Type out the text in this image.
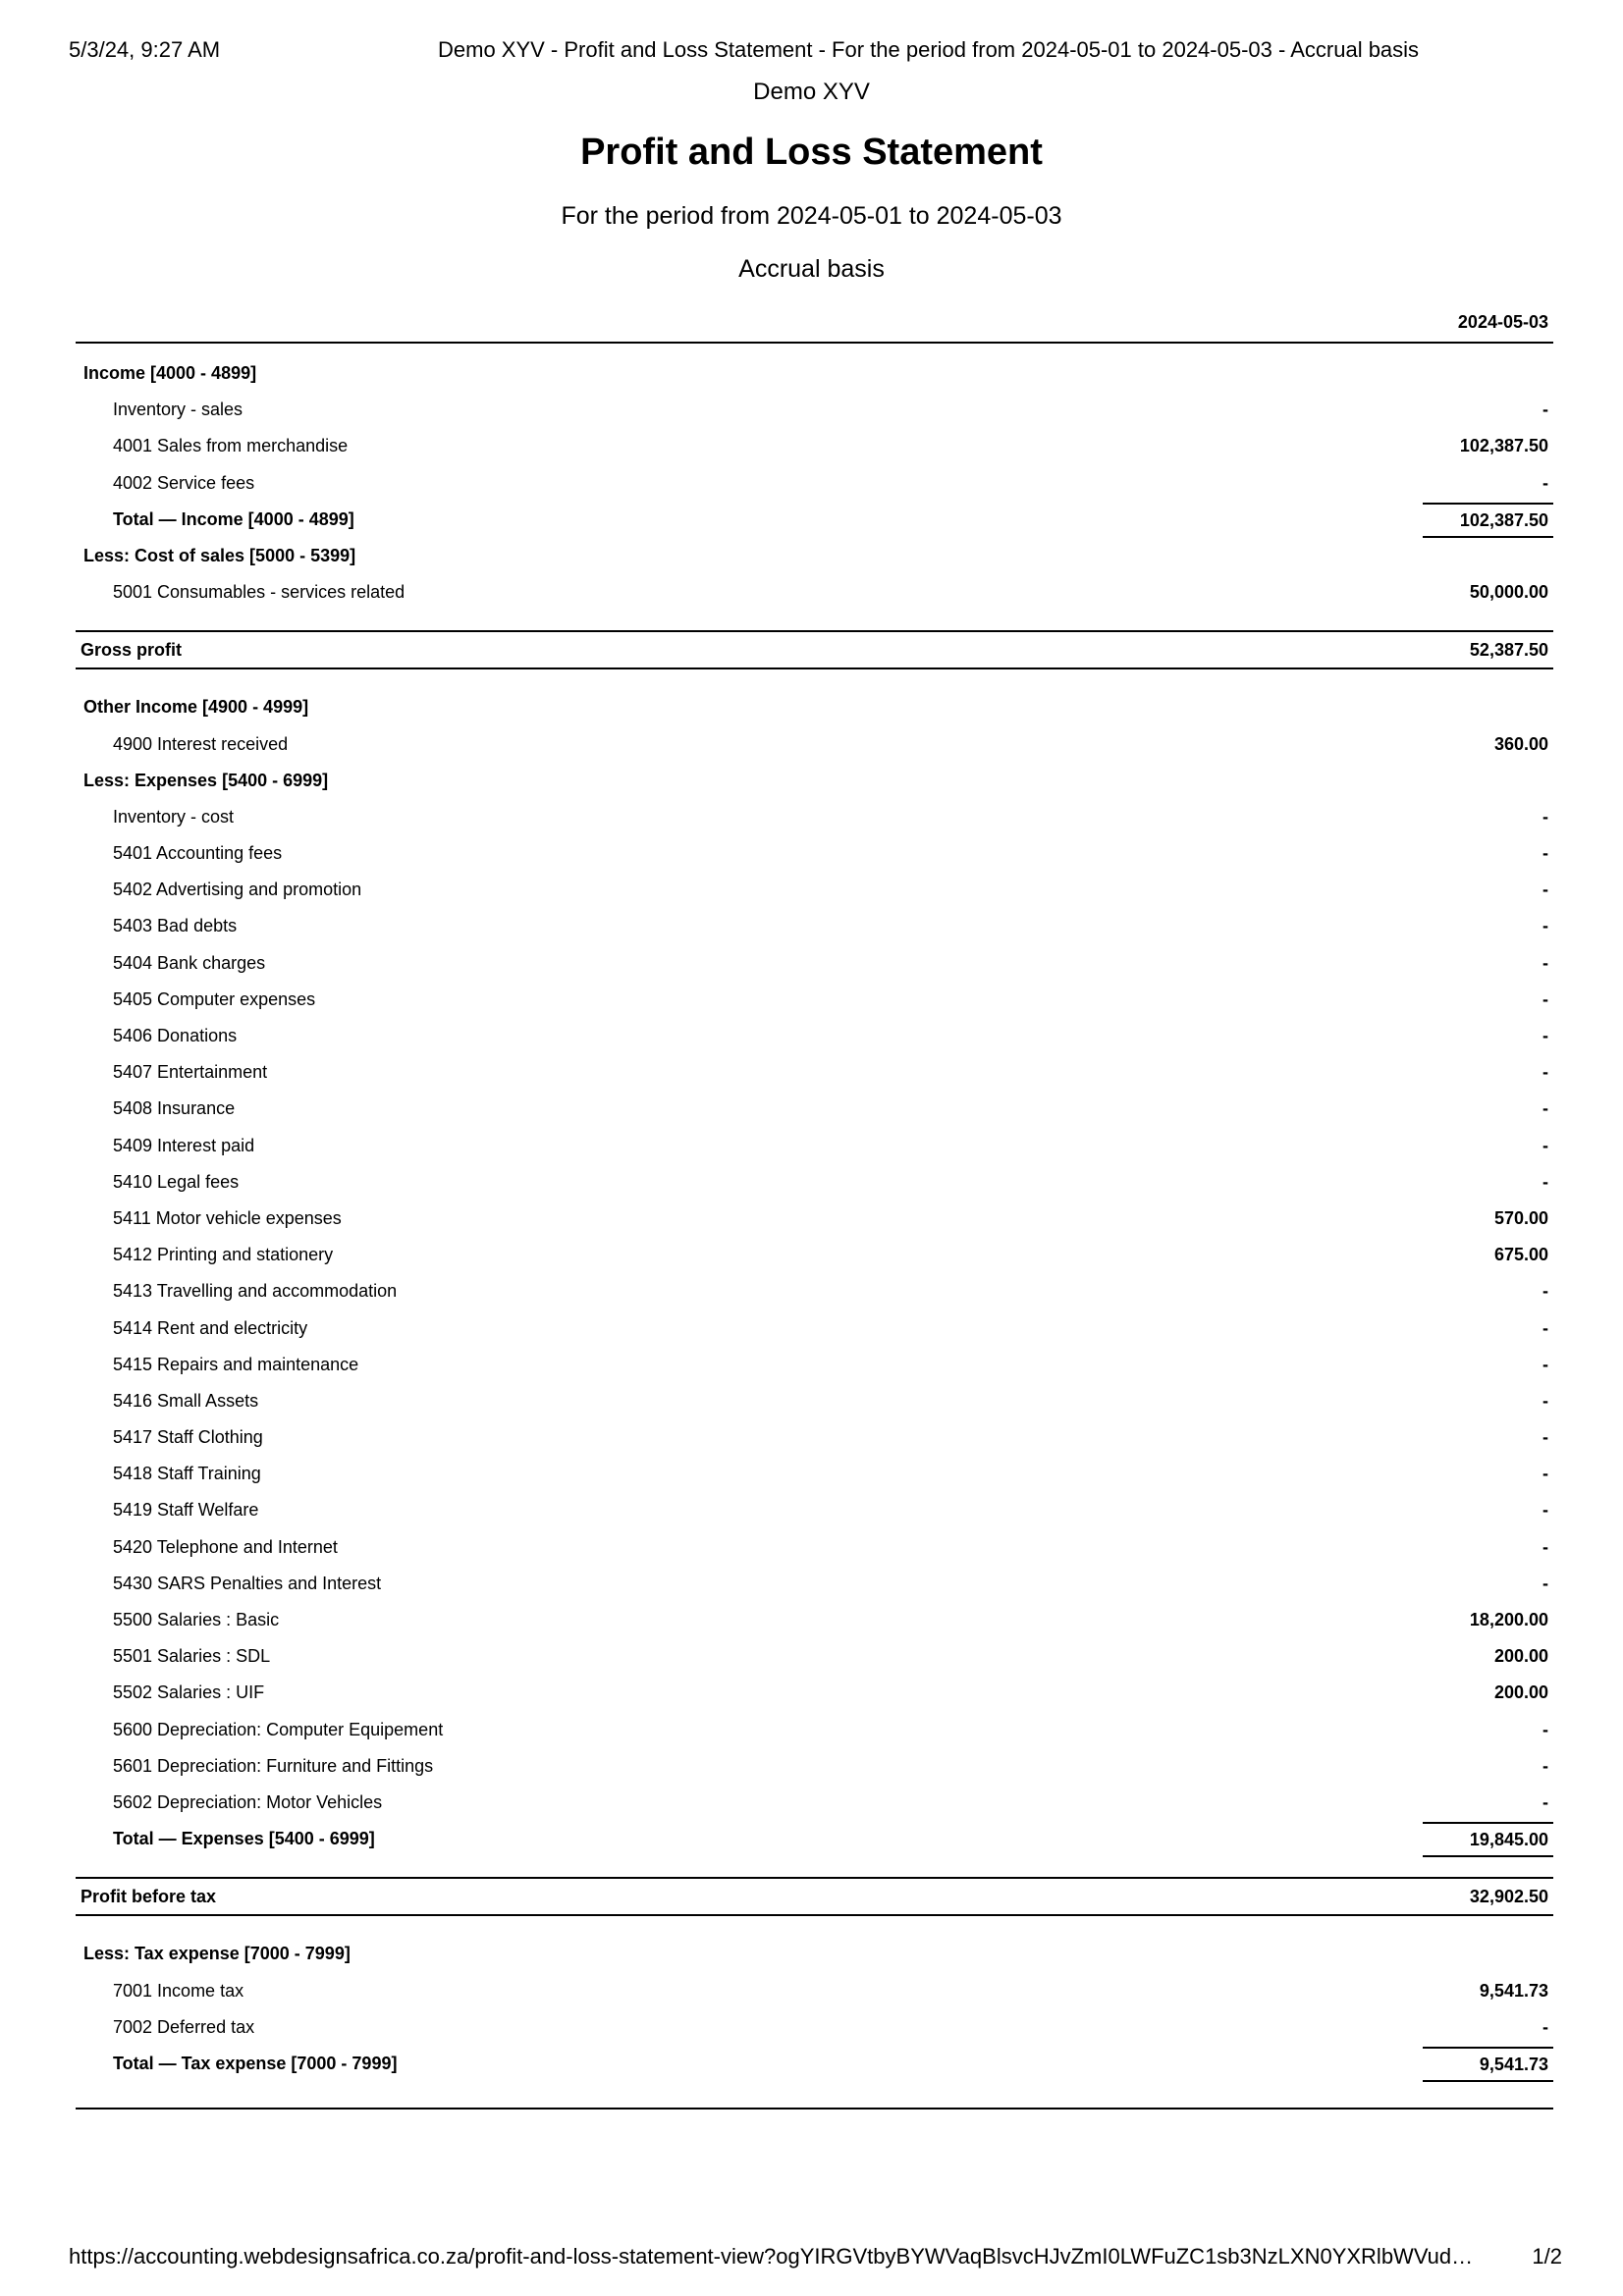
5/3/24, 9:27 AM	Demo XYV - Profit and Loss Statement - For the period from 2024-05-01 to 2024-05-03 - Accrual basis
Demo XYV
Profit and Loss Statement
For the period from 2024-05-01 to 2024-05-03
Accrual basis
2024-05-03
Income [4000 - 4899]
Inventory - sales	-
4001 Sales from merchandise	102,387.50
4002 Service fees	-
Total — Income [4000 - 4899]	102,387.50
Less: Cost of sales [5000 - 5399]
5001 Consumables - services related	50,000.00
Gross profit	52,387.50
Other Income [4900 - 4999]
4900 Interest received	360.00
Less: Expenses [5400 - 6999]
Inventory - cost	-
5401 Accounting fees	-
5402 Advertising and promotion	-
5403 Bad debts	-
5404 Bank charges	-
5405 Computer expenses	-
5406 Donations	-
5407 Entertainment	-
5408 Insurance	-
5409 Interest paid	-
5410 Legal fees	-
5411 Motor vehicle expenses	570.00
5412 Printing and stationery	675.00
5413 Travelling and accommodation	-
5414 Rent and electricity	-
5415 Repairs and maintenance	-
5416 Small Assets	-
5417 Staff Clothing	-
5418 Staff Training	-
5419 Staff Welfare	-
5420 Telephone and Internet	-
5430 SARS Penalties and Interest	-
5500 Salaries : Basic	18,200.00
5501 Salaries : SDL	200.00
5502 Salaries : UIF	200.00
5600 Depreciation: Computer Equipement	-
5601 Depreciation: Furniture and Fittings	-
5602 Depreciation: Motor Vehicles	-
Total — Expenses [5400 - 6999]	19,845.00
Profit before tax	32,902.50
Less: Tax expense [7000 - 7999]
7001 Income tax	9,541.73
7002 Deferred tax	-
Total — Tax expense [7000 - 7999]	9,541.73
https://accounting.webdesignsafrica.co.za/profit-and-loss-statement-view?ogYIRGVtbyBYWVaqBlsvcHJvZmI0LWFuZC1sb3NzLXN0YXRlbWVud…	1/2
